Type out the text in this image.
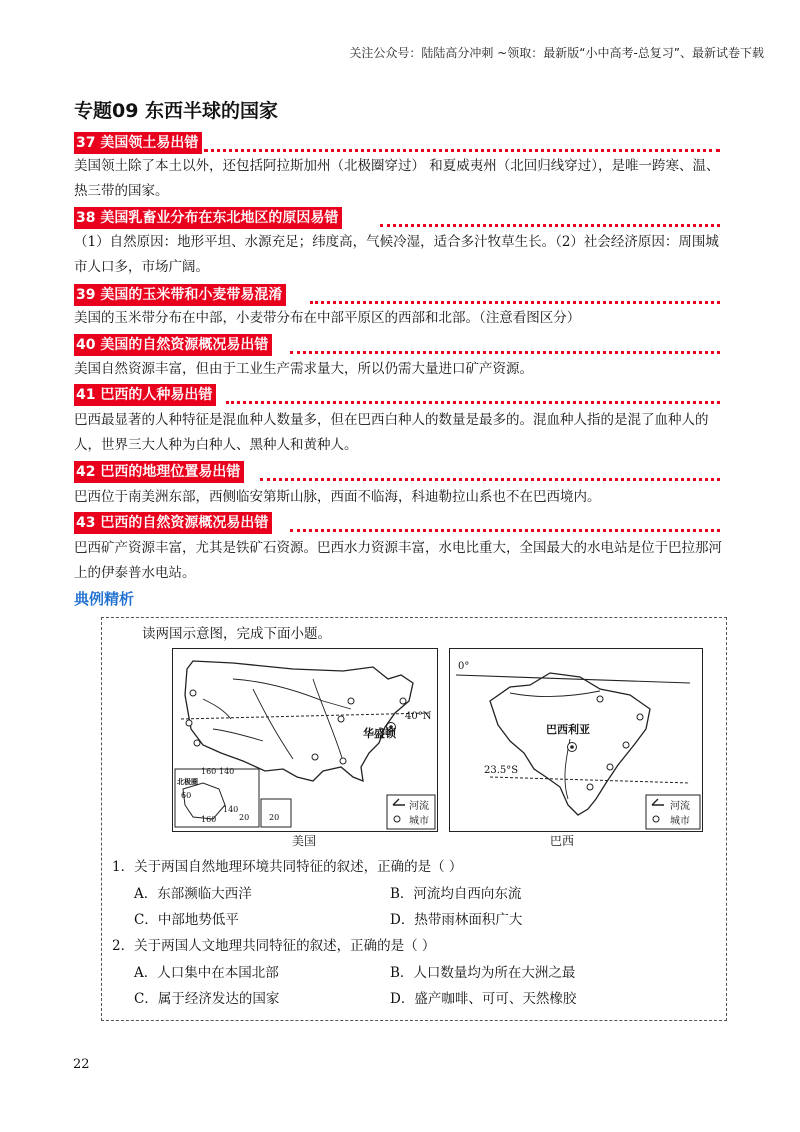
关注公众号：陆陆高分冲刺 ~领取：最新版“小中高考-总复习”、最新试卷下载
专题09 东西半球的国家
37 美国领土易出错
美国领土除了本土以外，还包括阿拉斯加州（北极圈穿过） 和夏威夷州（北回归线穿过），是唯一跨寒、温、热三带的国家。
38 美国乳畜业分布在东北地区的原因易错
（1）自然原因：地形平坦、水源充足；纬度高，气候冷湿，适合多汁牧草生长。（2）社会经济原因：周围城市人口多，市场广阔。
39 美国的玉米带和小麦带易混淆
美国的玉米带分布在中部，小麦带分布在中部平原区的西部和北部。（注意看图区分）
40 美国的自然资源概况易出错
美国自然资源丰富，但由于工业生产需求量大，所以仍需大量进口矿产资源。
41 巴西的人种易出错
巴西最显著的人种特征是混血种人数量多，但在巴西白种人的数量是最多的。混血种人指的是混了血种人的人，世界三大人种为白种人、黑种人和黄种人。
42 巴西的地理位置易出错
巴西位于南美洲东部，西侧临安第斯山脉，西面不临海，科迪勒拉山系也不在巴西境内。
43 巴西的自然资源概况易出错
巴西矿产资源丰富，尤其是铁矿石资源。巴西水力资源丰富，水电比重大，全国最大的水电站是位于巴拉那河上的伊泰普水电站。
典例精析
读两国示意图，完成下面小题。
40°N
华盛顿
160 140
北极圈
60
20
160
140
20
河流
城市
美国
0°
巴西利亚
23.5°S
河流
城市
巴西
1．关于两国自然地理环境共同特征的叙述，正确的是（ ）
A．东部濒临大西洋	B．河流均自西向东流
C．中部地势低平	D．热带雨林面积广大
2．关于两国人文地理共同特征的叙述，正确的是（ ）
A．人口集中在本国北部	B．人口数量均为所在大洲之最
C．属于经济发达的国家	D．盛产咖啡、可可、天然橡胶
22
